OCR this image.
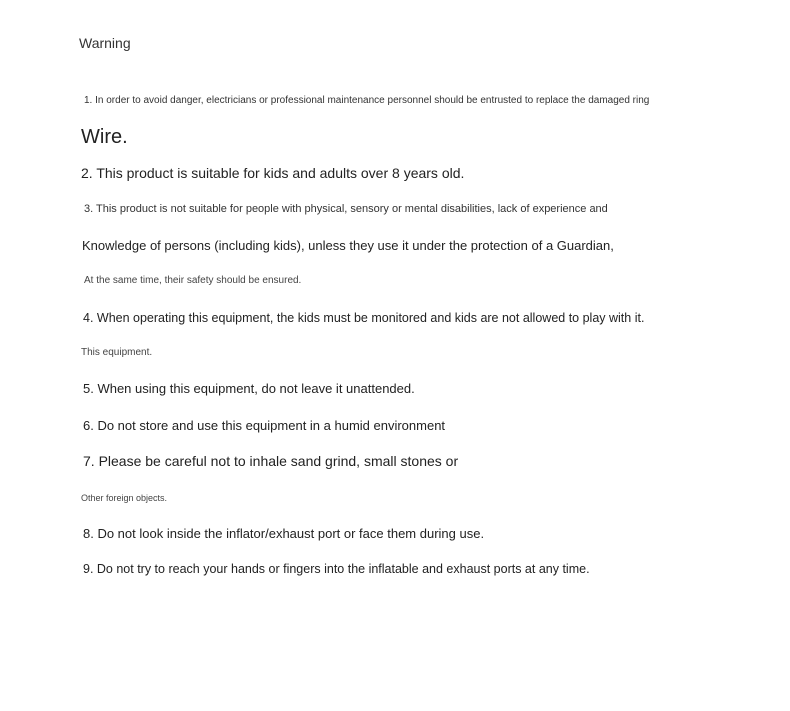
Warning
1. In order to avoid danger, electricians or professional maintenance personnel should be entrusted to replace the damaged ring
Wire.
2. This product is suitable for kids and adults over 8 years old.
3. This product is not suitable for people with physical, sensory or mental disabilities, lack of experience and
Knowledge of persons (including kids), unless they use it under the protection of a Guardian,
At the same time, their safety should be ensured.
4. When operating this equipment, the kids must be monitored and kids are not allowed to play with it.
This equipment.
5. When using this equipment, do not leave it unattended.
6. Do not store and use this equipment in a humid environment
7. Please be careful not to inhale sand grind, small stones or
Other foreign objects.
8. Do not look inside the inflator/exhaust port or face them during use.
9. Do not try to reach your hands or fingers into the inflatable and exhaust ports at any time.
